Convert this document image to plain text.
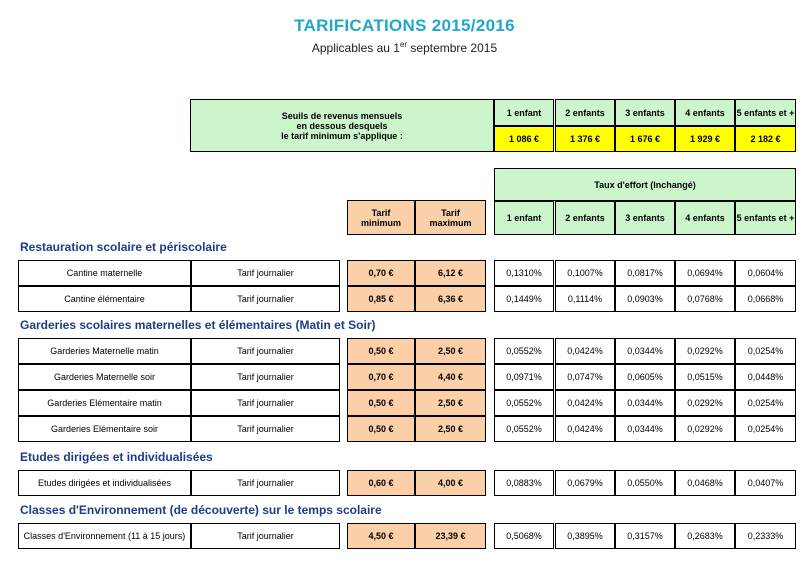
TARIFICATIONS 2015/2016
Applicables au 1er septembre 2015
Seuils de revenus mensuels
en dessous desquels
le tarif minimum s'applique :
1 enfant	2 enfants	3 enfants	4 enfants	5 enfants et +
1 086 €	1 376 €	1 676 €	1 929 €	2 182 €
Taux d'effort (Inchangé)
1 enfant	2 enfants	3 enfants	4 enfants	5 enfants et +
Tarif
minimum
Tarif
maximum
Restauration scolaire et périscolaire
Cantine maternelle	Tarif journalier	0,70 €	6,12 €	0,1310%	0,1007%	0,0817%	0,0694%	0,0604%
Cantine élémentaire	Tarif journalier	0,85 €	6,36 €	0,1449%	0,1114%	0,0903%	0,0768%	0,0668%
Garderies scolaires maternelles et élémentaires (Matin et Soir)
Garderies Maternelle matin	Tarif journalier	0,50 €	2,50 €	0,0552%	0,0424%	0,0344%	0,0292%	0,0254%
Garderies Maternelle soir	Tarif journalier	0,70 €	4,40 €	0,0971%	0,0747%	0,0605%	0,0515%	0,0448%
Garderies Elémentaire matin	Tarif journalier	0,50 €	2,50 €	0,0552%	0,0424%	0,0344%	0,0292%	0,0254%
Garderies Elémentaire soir	Tarif journalier	0,50 €	2,50 €	0,0552%	0,0424%	0,0344%	0,0292%	0,0254%
Etudes dirigées et individualisées
Etudes dirigées et individualisées	Tarif journalier	0,60 €	4,00 €	0,0883%	0,0679%	0,0550%	0,0468%	0,0407%
Classes d'Environnement (de découverte) sur le temps scolaire
Classes d'Environnement (11 à 15 jours)	Tarif journalier	4,50 €	23,39 €	0,5068%	0,3895%	0,3157%	0,2683%	0,2333%
